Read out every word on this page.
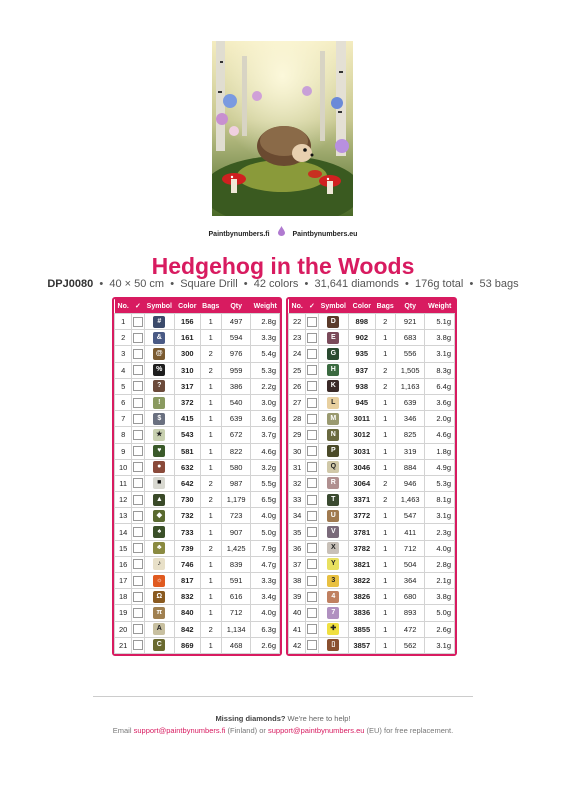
Paintbynumbers.fi	Paintbynumbers.eu
Hedgehog in the Woods
DPJ0080 • 40 × 50 cm • Square Drill • 42 colors • 31,641 diamonds • 176g total • 53 bags
No.	✓	Symbol	Color	Bags	Qty	Weight
1		#	156	1	497	2.8g
2		&	161	1	594	3.3g
3		@	300	2	976	5.4g
4		%	310	2	959	5.3g
5		?	317	1	386	2.2g
6		!	372	1	540	3.0g
7		$	415	1	639	3.6g
8		★	543	1	672	3.7g
9		♥	581	1	822	4.6g
10		●	632	1	580	3.2g
11		■	642	2	987	5.5g
12		▲	730	2	1,179	6.5g
13		◆	732	1	723	4.0g
14		♠	733	1	907	5.0g
15		♣	739	2	1,425	7.9g
16		♪	746	1	839	4.7g
17		☼	817	1	591	3.3g
18		Ω	832	1	616	3.4g
19		π	840	1	712	4.0g
20		A	842	2	1,134	6.3g
21		C	869	1	468	2.6g
No.	✓	Symbol	Color	Bags	Qty	Weight
22		D	898	2	921	5.1g
23		E	902	1	683	3.8g
24		G	935	1	556	3.1g
25		H	937	2	1,505	8.3g
26		K	938	2	1,163	6.4g
27		L	945	1	639	3.6g
28		M	3011	1	346	2.0g
29		N	3012	1	825	4.6g
30		P	3031	1	319	1.8g
31		Q	3046	1	884	4.9g
32		R	3064	2	946	5.3g
33		T	3371	2	1,463	8.1g
34		U	3772	1	547	3.1g
35		V	3781	1	411	2.3g
36		X	3782	1	712	4.0g
37		Y	3821	1	504	2.8g
38		3	3822	1	364	2.1g
39		4	3826	1	680	3.8g
40		7	3836	1	893	5.0g
41		✚	3855	1	472	2.6g
42		▯	3857	1	562	3.1g
Missing diamonds? We're here to help!
Email support@paintbynumbers.fi (Finland) or support@paintbynumbers.eu (EU) for free replacement.
